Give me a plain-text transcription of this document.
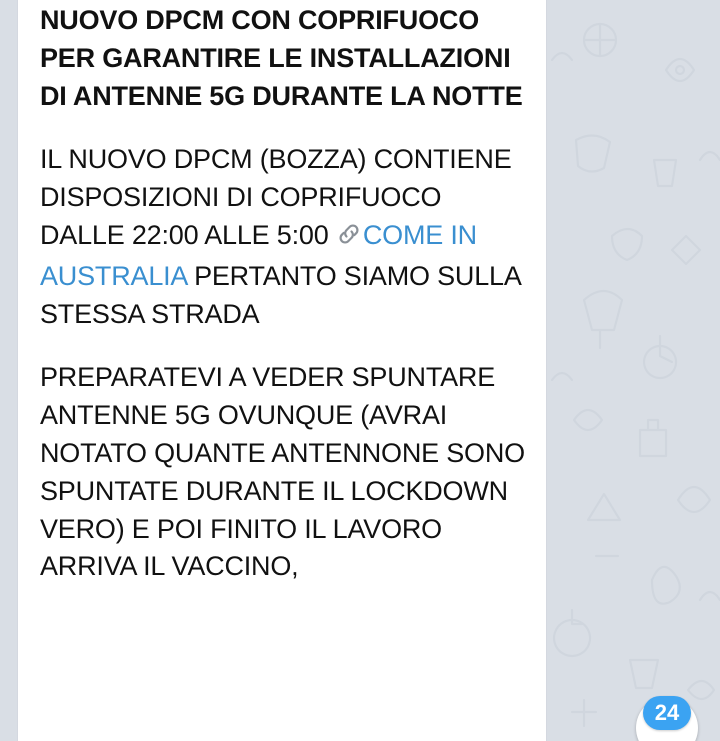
NUOVO DPCM CON COPRIFUOCO PER GARANTIRE LE INSTALLAZIONI DI ANTENNE 5G DURANTE LA NOTTE

IL NUOVO DPCM (BOZZA) CONTIENE DISPOSIZIONI DI COPRIFUOCO DALLE 22:00 ALLE 5:00 COME IN AUSTRALIA PERTANTO SIAMO SULLA STESSA STRADA

PREPARATEVI A VEDER SPUNTARE ANTENNE 5G OVUNQUE (AVRAI NOTATO QUANTE ANTENNONE SONO SPUNTATE DURANTE IL LOCKDOWN VERO) E POI FINITO IL LAVORO ARRIVA IL VACCINO,

24
